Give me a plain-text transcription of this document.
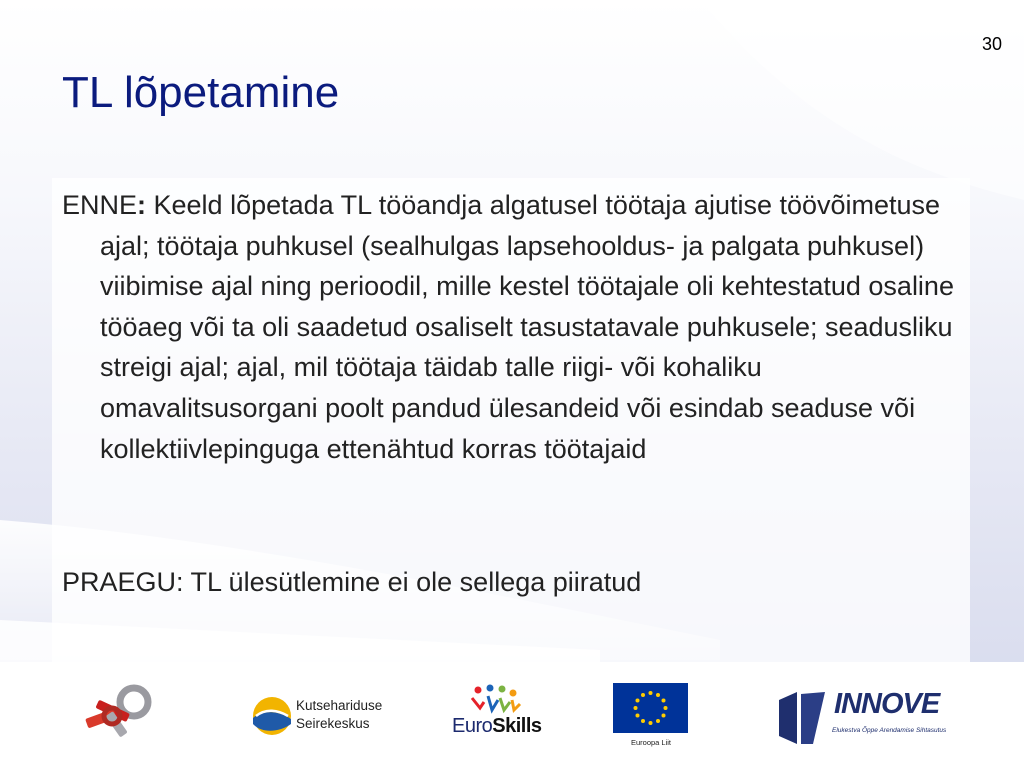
30
TL lõpetamine
ENNE: Keeld lõpetada TL tööandja algatusel töötaja ajutise töövõimetuse ajal; töötaja puhkusel (sealhulgas lapsehooldus- ja palgata puhkusel) viibimise ajal ning perioodil, mille kestel töötajale oli kehtestatud osaline tööaeg või ta oli saadetud osaliselt tasustatavale puhkusele; seadusliku streigi ajal; ajal, mil töötaja täidab talle riigi- või kohaliku omavalitsusorgani poolt pandud ülesandeid või esindab seaduse või kollektiivlepinguga ettenähtud korras töötajaid
PRAEGU: TL ülesütlemine ei ole sellega piiratud
Kutsehariduse
Seirekeskus	EuroSkills
Euroopa Liit
INNOVE
Elukestva Õppe Arendamise Sihtasutus
